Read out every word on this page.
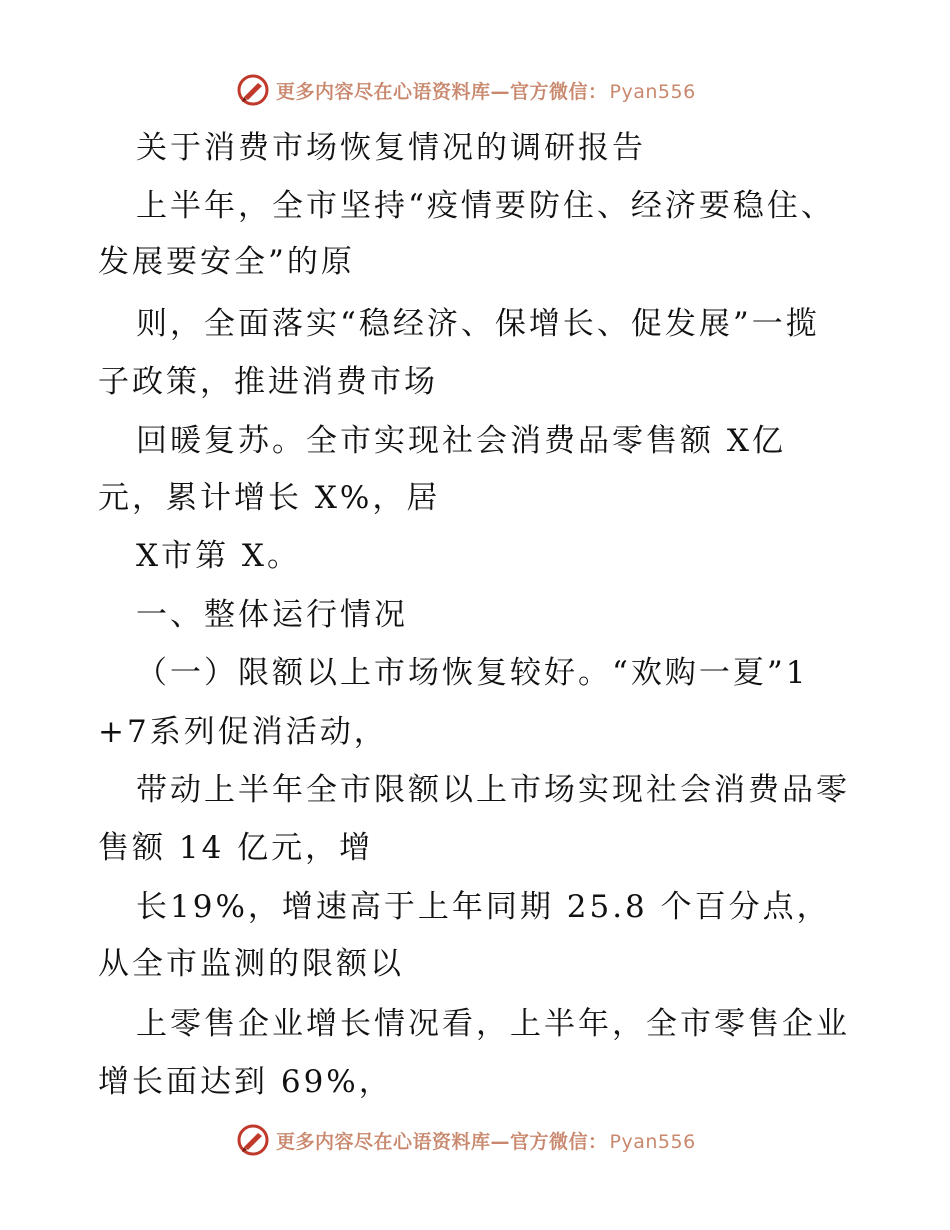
更多内容尽在心语资料库—官方微信： Pyan556
关于消费市场恢复情况的调研报告
上半年，全市坚持“疫情要防住、经济要稳住、
发展要安全”的原
则，全面落实“稳经济、保增长、促发展”一揽
子政策，推进消费市场
回暖复苏。全市实现社会消费品零售额 X亿
元，累计增长 X%，居
X市第 X。
一、整体运行情况
（一）限额以上市场恢复较好。“欢购一夏”1
+7系列促消活动，
带动上半年全市限额以上市场实现社会消费品零
售额 14 亿元，增
长19%，增速高于上年同期 25.8 个百分点，
从全市监测的限额以
上零售企业增长情况看，上半年，全市零售企业
增长面达到 69%，
更多内容尽在心语资料库—官方微信： Pyan556
